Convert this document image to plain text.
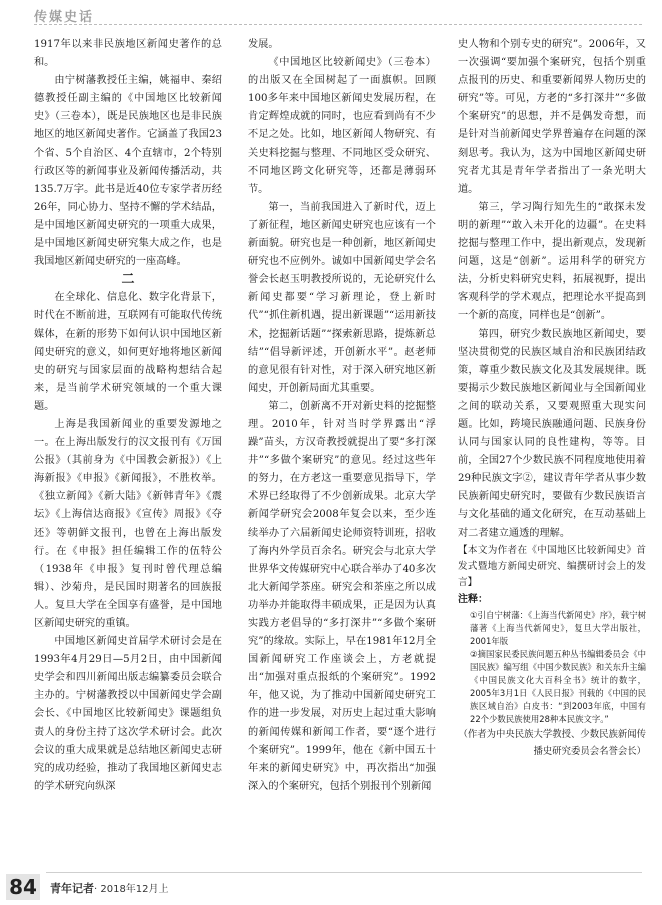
传媒史话

1917年以来非民族地区新闻史著作的总和。

由宁树藩教授任主编，姚福申、秦绍德教授任副主编的《中国地区比较新闻史》（三卷本），既是民族地区也是非民族地区的地区新闻史著作。它涵盖了我国23个省、5个自治区、4个直辖市，2个特别行政区等的新闻事业及新闻传播活动，共135.7万字。此书是近40位专家学者历经26年，同心协力、坚持不懈的学术结晶，是中国地区新闻史研究的一项重大成果，是中国地区新闻史研究集大成之作，也是我国地区新闻史研究的一座高峰。

二

在全球化、信息化、数字化背景下，时代在不断前进，互联网有可能取代传统媒体，在新的形势下如何认识中国地区新闻史研究的意义，如何更好地将地区新闻史的研究与国家层面的战略构想结合起来，是当前学术研究领域的一个重大课题。

上海是我国新闻业的重要发源地之一。在上海出版发行的汉文报刊有《万国公报》（其前身为《中国教会新报》）《上海新报》《申报》《新闻报》，不胜枚举。《独立新闻》《新大陆》《新韩青年》《震坛》《上海信达商报》《宣传》周报》《夺还》等朝鲜文报刊，也曾在上海出版发行。在《申报》担任编辑工作的伍特公（1938年《申报》复刊时曾代理总编辑）、沙菊舟，是民国时期著名的回族报人。复旦大学在全国享有盛誉，是中国地区新闻史研究的重镇。

中国地区新闻史首届学术研讨会是在1993年4月29日—5月2日，由中国新闻史学会和四川新闻出版志编纂委员会联合主办的。宁树藩教授以中国新闻史学会副会长、《中国地区比较新闻史》课题组负责人的身份主持了这次学术研讨会。此次会议的重大成果就是总结地区新闻史志研究的成功经验，推动了我国地区新闻史志的学术研究向纵深

发展。

《中国地区比较新闻史》（三卷本）的出版又在全国树起了一面旗帜。回顾100多年来中国地区新闻史发展历程，在肯定辉煌成就的同时，也应看到尚有不少不足之处。比如，地区新闻人物研究、有关史料挖掘与整理、不同地区受众研究、不同地区跨文化研究等，还都是薄弱环节。

第一，当前我国进入了新时代，迈上了新征程，地区新闻史研究也应该有一个新面貌。研究也是一种创新，地区新闻史研究也不应例外。诚如中国新闻史学会名誉会长赵玉明教授所说的，无论研究什么新闻史都要“学习新理论，登上新时代”“抓住新机遇，提出新课题”“运用新技术，挖掘新话题”“探索新思路，提炼新总结”“倡导新评述，开创新水平”。赵老师的意见很有针对性，对于深入研究地区新闻史，开创新局面尤其重要。

第二，创新离不开对新史料的挖掘整理。2010年，针对当时学界露出“浮躁”苗头，方汉奇教授就提出了要“多打深井”“多做个案研究”的意见。经过这些年的努力，在方老这一重要意见指导下，学术界已经取得了不少创新成果。北京大学新闻学研究会2008年复会以来，至少连续举办了六届新闻史论师资特训班，招收了海内外学员百余名。研究会与北京大学世界华文传媒研究中心联合举办了40多次北大新闻学茶座。研究会和茶座之所以成功举办并能取得丰硕成果，正是因为认真实践方老倡导的“多打深井”“多做个案研究”的缘故。实际上，早在1981年12月全国新闻研究工作座谈会上，方老就提出“加强对重点报纸的个案研究”。1992年，他又说，为了推动中国新闻史研究工作的进一步发展，对历史上起过重大影响的新闻传媒和新闻工作者，要“逐个进行个案研究”。1999年，他在《新中国五十年来的新闻史研究》中，再次指出“加强深入的个案研究，包括个别报刊个别新闻

史人物和个别专史的研究”。2006年，又一次强调“要加强个案研究，包括个别重点报刊的历史、和重要新闻界人物历史的研究”等。可见，方老的“多打深井”“多做个案研究”的思想，并不是偶发奇想，而是针对当前新闻史学界普遍存在问题的深刻思考。我认为，这为中国地区新闻史研究者尤其是青年学者指出了一条光明大道。

第三，学习陶行知先生的“敢探未发明的新理”“敢入未开化的边疆”。在史料挖掘与整理工作中，提出新观点，发现新问题，这是“创新”。运用科学的研究方法，分析史料研究史料，拓展视野，提出客观科学的学术观点，把理论水平提高到一个新的高度，同样也是“创新”。

第四，研究少数民族地区新闻史，要坚决贯彻党的民族区域自治和民族团结政策，尊重少数民族文化及其发展规律。既要揭示少数民族地区新闻业与全国新闻业之间的联动关系，又要观照重大现实问题。比如，跨境民族融通问题、民族身份认同与国家认同的良性建构，等等。目前，全国27个少数民族不同程度地使用着29种民族文字②，建议青年学者从事少数民族新闻史研究时，要做有少数民族语言与文化基础的通文化研究，在互动基础上对二者建立通透的理解。

【本文为作者在《中国地区比较新闻史》首发式暨地方新闻史研究、编撰研讨会上的发言】

注释：

①引自宁树藩：《上海当代新闻史》序》，载宁树藩著《上海当代新闻史》，复旦大学出版社，2001年版

②摘国家民委民族问题五种丛书编辑委员会《中国民族》编写组《中国少数民族》和关东升主编《中国民族文化大百科全书》统计的数字，2005年3月1日《人民日报》刊载的《中国的民族区域自治》白皮书：“到2003年底，中国有22个少数民族使用28种本民族文字。”

（作者为中央民族大学教授、少数民族新闻传播史研究委员会名誉会长）

84 青年记者· 2018年12月上
